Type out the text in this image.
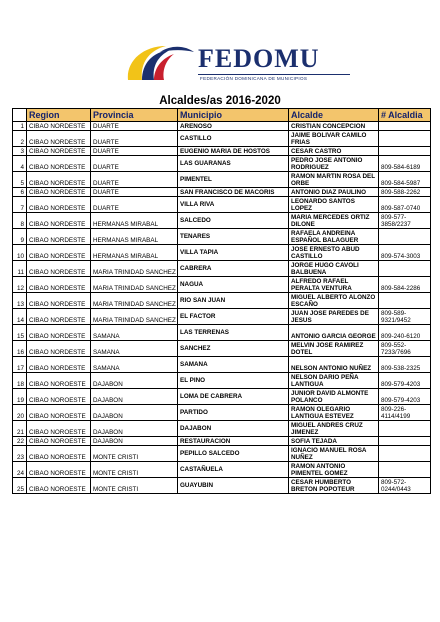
FEDOMU
FEDERACIÓN DOMINICANA DE MUNICIPIOS
Alcaldes/as 2016-2020
	Region	Provincia	Municipio	Alcalde	# Alcaldia
1	CIBAO NORDESTE	DUARTE	ARENOSO	CRISTIAN CONCEPCION	
2	CIBAO NORDESTE	DUARTE	CASTILLO	JAIME BOLIVAR CAMILO FRIAS	
3	CIBAO NORDESTE	DUARTE	EUGENIO MARIA DE HOSTOS	CESAR CASTRO	
4	CIBAO NORDESTE	DUARTE	LAS GUARANAS	PEDRO JOSE ANTONIO RODRIGUEZ	809-584-6189
5	CIBAO NORDESTE	DUARTE	PIMENTEL	RAMON MARTIN ROSA DEL ORBE	809-584-5987
6	CIBAO NORDESTE	DUARTE	SAN FRANCISCO DE MACORIS	ANTONIO DIAZ PAULINO	809-588-2262
7	CIBAO NORDESTE	DUARTE	VILLA RIVA	LEONARDO SANTOS LOPEZ	809-587-0740
8	CIBAO NORDESTE	HERMANAS MIRABAL	SALCEDO	MARIA MERCEDES ORTIZ DILONE	809-577-3858/2237
9	CIBAO NORDESTE	HERMANAS MIRABAL	TENARES	RAFAELA ANDREINA ESPAÑOL BALAGUER	
10	CIBAO NORDESTE	HERMANAS MIRABAL	VILLA TAPIA	JOSE ERNESTO ABUD CASTILLO	809-574-3003
11	CIBAO NORDESTE	MARIA TRINIDAD SANCHEZ	CABRERA	JORGE HUGO CAVOLI BALBUENA	
12	CIBAO NORDESTE	MARIA TRINIDAD SANCHEZ	NAGUA	ALFREDO RAFAEL PERALTA VENTURA	809-584-2286
13	CIBAO NORDESTE	MARIA TRINIDAD SANCHEZ	RIO SAN JUAN	MIGUEL ALBERTO ALONZO ESCAÑO	
14	CIBAO NORDESTE	MARIA TRINIDAD SANCHEZ	EL FACTOR	JUAN JOSE PAREDES DE JESUS	809-589-9321/9452
15	CIBAO NORDESTE	SAMANA	LAS TERRENAS	ANTONIO GARCIA GEORGE	809-240-6120
16	CIBAO NORDESTE	SAMANA	SANCHEZ	MELVIN JOSE RAMIREZ DOTEL	809-552-7233/7696
17	CIBAO NORDESTE	SAMANA	SAMANA	NELSON ANTONIO NUÑEZ	809-538-2325
18	CIBAO NOROESTE	DAJABON	EL PINO	NELSON DARIO PEÑA LANTIGUA	809-579-4203
19	CIBAO NOROESTE	DAJABON	LOMA DE CABRERA	JUNIOR DAVID ALMONTE POLANCO	809-579-4203
20	CIBAO NOROESTE	DAJABON	PARTIDO	RAMON OLEGARIO LANTIGUA ESTEVEZ	809-226-4114/4199
21	CIBAO NOROESTE	DAJABON	DAJABON	MIGUEL ANDRES CRUZ JIMENEZ	
22	CIBAO NOROESTE	DAJABON	RESTAURACION	SOFIA TEJADA	
23	CIBAO NOROESTE	MONTE CRISTI	PEPILLO SALCEDO	IGNACIO MANUEL ROSA NUÑEZ	
24	CIBAO NOROESTE	MONTE CRISTI	CASTAÑUELA	RAMON ANTONIO PIMENTEL GOMEZ	
25	CIBAO NOROESTE	MONTE CRISTI	GUAYUBIN	CESAR HUMBERTO BRETON POPOTEUR	809-572-0244/0443
